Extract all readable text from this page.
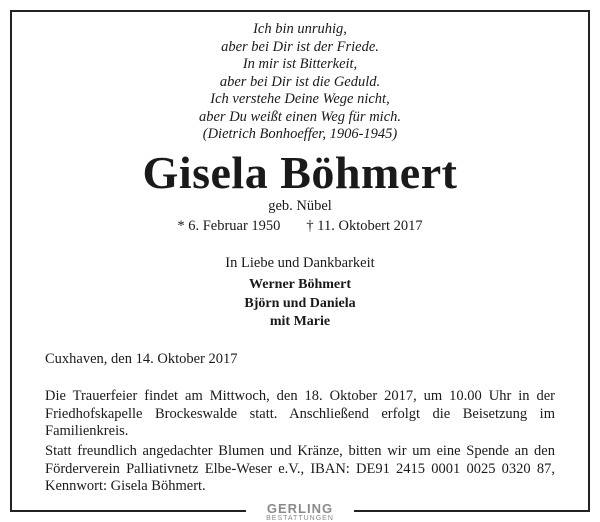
Ich bin unruhig,
aber bei Dir ist der Friede.
In mir ist Bitterkeit,
aber bei Dir ist die Geduld.
Ich verstehe Deine Wege nicht,
aber Du weißt einen Weg für mich.
(Dietrich Bonhoeffer, 1906-1945)
Gisela Böhmert
geb. Nübel
* 6. Februar 1950 † 11. Oktobert 2017
In Liebe und Dankbarkeit
Werner Böhmert
Björn und Daniela
mit Marie
Cuxhaven, den 14. Oktober 2017
Die Trauerfeier findet am Mittwoch, den 18. Oktober 2017, um 10.00 Uhr in der Friedhofskapelle Brockeswalde statt. Anschließend erfolgt die Beisetzung im Familienkreis.
Statt freundlich angedachter Blumen und Kränze, bitten wir um eine Spende an den Förderverein Palliativnetz Elbe-Weser e.V., IBAN: DE91 2415 0001 0025 0320 87, Kennwort: Gisela Böhmert.
GERLING
BESTATTUNGEN
